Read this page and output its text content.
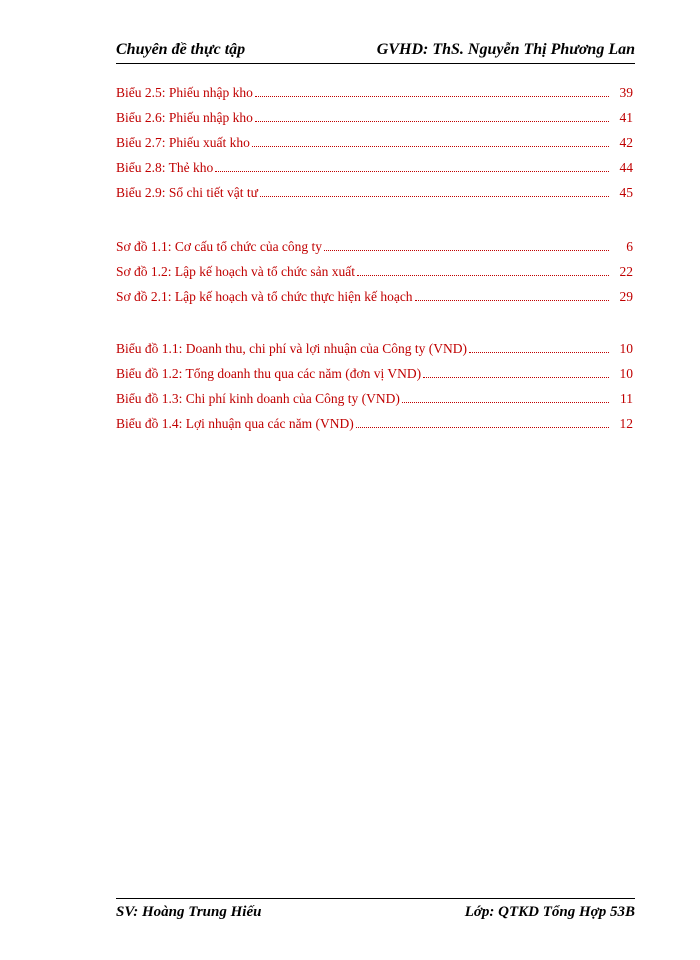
Chuyên đề thực tập	GVHD: ThS. Nguyễn Thị Phương Lan
Biểu 2.5: Phiếu nhập kho	39
Biểu 2.6: Phiếu nhập kho	41
Biểu 2.7: Phiếu xuất kho	42
Biểu 2.8: Thẻ kho	44
Biểu 2.9: Sổ chi tiết vật tư	45
Sơ đồ 1.1: Cơ cấu tổ chức của công ty	6
Sơ đồ 1.2: Lập kế hoạch và tổ chức sản xuất	22
Sơ đồ 2.1: Lập kế hoạch và tổ chức thực hiện kế hoạch	29
Biểu đồ 1.1: Doanh thu, chi phí và lợi nhuận của Công ty (VND)	10
Biểu đồ 1.2: Tổng doanh thu qua các năm (đơn vị VND)	10
Biểu đồ 1.3: Chi phí kinh doanh của Công ty (VND)	11
Biểu đồ 1.4: Lợi nhuận qua các năm (VND)	12
SV: Hoàng Trung Hiếu	Lớp: QTKD Tổng Hợp 53B
